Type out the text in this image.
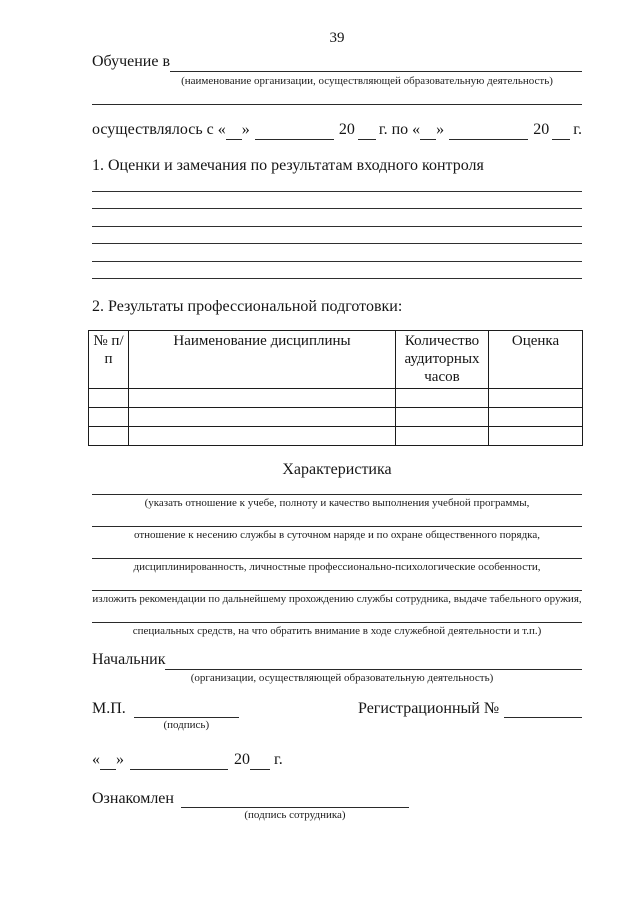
39
Обучение в
(наименование организации, осуществляющей образовательную деятельность)
осуществлялось с « »	20 г. по « »	20 г.
1. Оценки и замечания по результатам входного контроля
2. Результаты профессиональной подготовки:
№ п/п	Наименование дисциплины	Количество аудиторных часов	Оценка

Характеристика
(указать отношение к учебе, полноту и качество выполнения учебной программы,
отношение к несению службы в суточном наряде и по охране общественного порядка,
дисциплинированность, личностные профессионально-психологические особенности,
изложить рекомендации по дальнейшему прохождению службы сотрудника, выдаче табельного оружия,
специальных средств, на что обратить внимание в ходе служебной деятельности и т.п.)
Начальник
(организации, осуществляющей образовательную деятельность)
М.П.
(подпись)
Регистрационный №
« »	20 г.
Ознакомлен
(подпись сотрудника)
